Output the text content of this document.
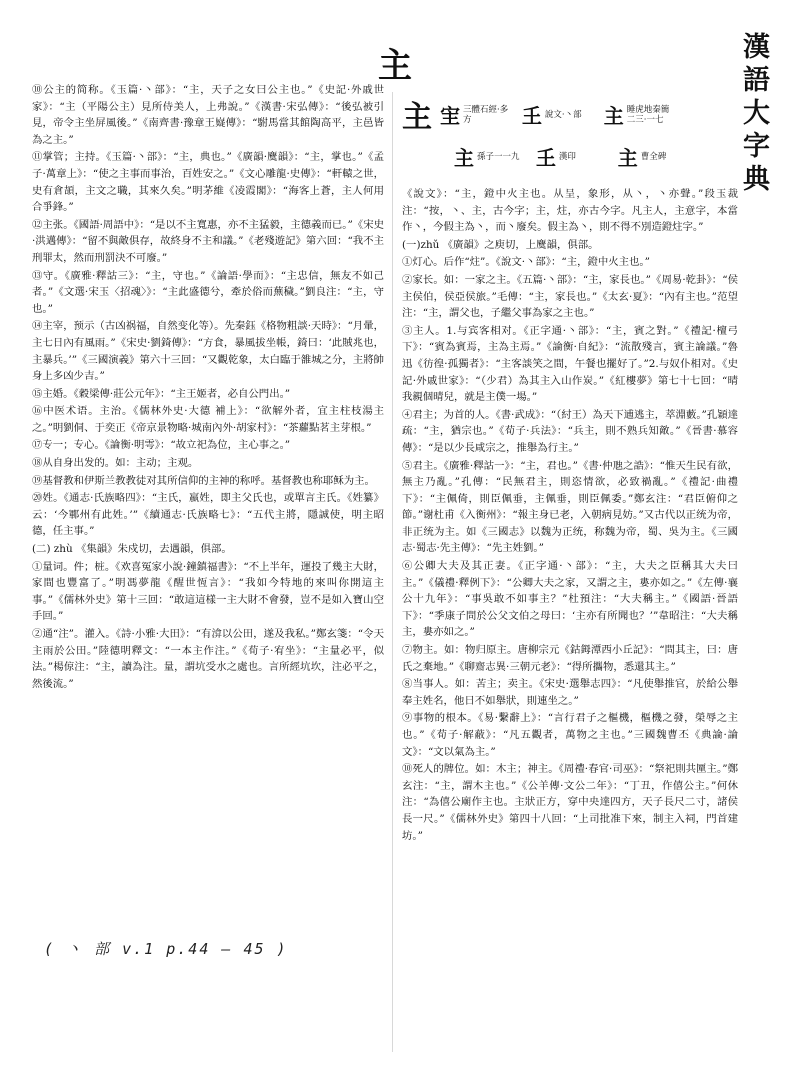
主	漢語大字典

⑩公主的简称。《玉篇·丶部》：“主，天子之女曰公主也。”《史記·外戚世家》：“主（平陽公主）見所侍美人，上弗說。”《漢書·宋弘傳》：“後弘被引見，帝令主坐屏風後。”《南齊書·豫章王嶷傳》：“駙馬當其館陶高平，主邑皆為之主。”

⑪掌管；主持。《玉篇·丶部》：“主，典也。”《廣韻·麌韻》：“主，掌也。”《孟子·萬章上》：“使之主事而事治，百姓安之。”《文心雕龍·史傳》：“軒轅之世，史有倉頡，主文之職，其來久矣。”明茅維《凌霞閣》：“海客上蒼，主人何用合爭鋒。”

⑫主张。《國語·周語中》：“是以不主寬惠，亦不主猛毅，主德義而已。”《宋史·洪邁傳》：“留不與敵俱存，故終身不主和議。”《老殘遊記》第六回：“我不主刑罪太，然而刑罰決不可廢。”

⑬守。《廣雅·釋詁三》：“主，守也。”《論語·學而》：“主忠信，無友不如己者。”《文選·宋玉〈招魂〉》：“主此盛德兮，牽於俗而蕪穢。”劉良注：“主，守也。”

⑭主宰，预示（古凶祸福，自然变化等）。先秦鈺《格物粗談·天時》：“月暈，主七日內有風雨。”《宋史·劉錡傳》：“方食，暴風拔坐帳，錡曰：‘此賊兆也，主暴兵。’”《三國演義》第六十三回：“又觀乾象，太白臨于雒城之分，主將帥身上多凶少吉。”

⑮主婚。《穀梁傳·莊公元年》：“主王姬者，必自公門出。”

⑯中医术语。主治。《儒林外史·大德 補上》：“欲解外者，宜主柱枝湯主之。”明劉侗、于奕正《帝京景物略·城南內外·胡家村》：“茶蘿點茗主芽根。”

⑰专一；专心。《論衡·明雩》：“故立祀為位，主心事之。”

⑱从自身出发的。如：主动；主观。

⑲基督教和伊斯兰教教徒对其所信仰的主神的称呼。基督教也称耶稣为主。

⑳姓。《通志·氏族略四》：“主氏，嬴姓，即主父氏也，或單言主氏。《姓纂》云：‘今鄆州有此姓。’”《續通志·氏族略七》：“五代主將，隱誠使，明主昭德，任主事。”

(二) zhù 《集韻》朱戍切，去遇韻，俱部。

①量词。件；桩。《欢喜冤家小說·鐘鎮福書》：“不上半年，運投了幾主大財，家間也豐富了。”明馮夢龍《醒世恆言》：“我如今特地的來叫你開這主事。”《儒林外史》第十三回：“敢這這樣一主大財不會發，豈不是如入寶山空手回。”

②通“注”。灌入。《詩·小雅·大田》：“有渰以公田，遂及我私。”鄭玄箋：“令天主雨於公田。”陸德明釋文：“一本主作注。”《荀子·宥坐》：“主量必平，似法。”楊倞注：“主，讀為注。量，謂坑受水之處也。言所經坑坎，注必平之，然後流。”

主 宔 三體石經·多方	𡈼 說文·丶部 主 睡虎地秦簡二三·一七
主 孫子一一九 𡈼 漢印 主 曹全碑

《說文》：“主，鐙中火主也。从呈，象形，从丶，丶亦聲。”段玉裁注：“按，丶、主，古今字；主，炷，亦古今字。凡主人，主意字，本當作丶，今假主為丶，而丶廢矣。假主為丶，則不得不別造鐙炷字。”

(一)zhǔ 《廣韻》之庾切，上麌韻，俱部。

①灯心。后作“炷”。《說文·丶部》：“主，鐙中火主也。”

②家长。如：一家之主。《五篇·丶部》：“主，家長也。”《周易·乾卦》：“侯主侯伯，侯亞侯旅。”毛傳：“主，家長也。”《太玄·夏》：“內有主也。”范望注：“主，謂父也，子繼父事為家之主也。”

③主人。1.与宾客相对。《正字通·丶部》：“主，賓之對。”《禮記·檀弓下》：“賓為賓焉，主為主焉。”《論衡·自紀》：“流散殘言，賓主論議。”魯迅《彷徨·孤獨者》：“主客談笑之間，午餐也擺好了。”2.与奴仆相对。《史記·外戚世家》：“（少君）為其主入山作炭。”《紅樓夢》第七十七回：“晴我親個晴兒，就是主僕一場。”

④君主；为首的人。《書·武成》：“（紂王）為天下逋逃主，萃淵藪。”孔穎達疏：“主，猶宗也。”《荀子·兵法》：“兵主，則不熟兵知敵。”《晉書·慕容傳》：“是以少長咸宗之，推舉為行主。”

⑤君主。《廣雅·釋詁一》：“主，君也。”《書·仲虺之誥》：“惟天生民有欲，無主乃亂。”孔傳：“民無君主，則恣情欲，必致禍亂。”《禮記·曲禮下》：“主佩倚，則臣佩垂，主佩垂，則臣佩委。”鄭玄注：“君臣俯仰之節。”谢杜甫《入衡州》：“報主身已老，入朝病見妨。”又古代以正统为帝，非正统为主。如《三國志》以魏为正统，称魏为帝，蜀、吳为主。《三國志·蜀志·先主傳》：“先主姓劉。”

⑥公卿大夫及其正妻。《正字通·丶部》：“主，大夫之臣稱其大夫曰主。”《儀禮·釋例下》：“公卿大夫之家，又謂之主，婁亦如之。”《左傳·襄公十九年》：“事吳敢不如事主？”杜預注：“大夫稱主。”《國語·晉語下》：“季康子問於公父文伯之母曰：‘主亦有所聞也？’”韋昭注：“大夫稱主，婁亦如之。”

⑦物主。如：物归原主。唐柳宗元《鈷鉧潭西小丘記》：“問其主，曰：唐氏之棄地。”《聊齋志異·三朝元老》：“得所攜物，悉還其主。”

⑧当事人。如：苦主；卖主。《宋史·選舉志四》：“凡使舉推官，於給公舉奉主姓名，他日不如舉狀，則連坐之。”

⑨事物的根本。《易·繫辭上》：“言行君子之樞機，樞機之發，榮辱之主也。”《荀子·解蔽》：“凡五觀者，萬物之主也。”三國魏曹丕《典論·論文》：“文以氣為主。”

⑩死人的牌位。如：木主；神主。《周禮·春官·司巫》：“祭祀則共匰主。”鄭玄注：“主，謂木主也。”《公羊傳·文公二年》：“丁丑，作僖公主。”何休注：“為僖公廟作主也。主狀正方，穿中央達四方，天子長尺二寸，諸侯長一尺。”《儒林外史》第四十八回：“上司批准下來，制主入祠，門首建坊。”

( 丶 部 v.1 p.44 — 45 )
